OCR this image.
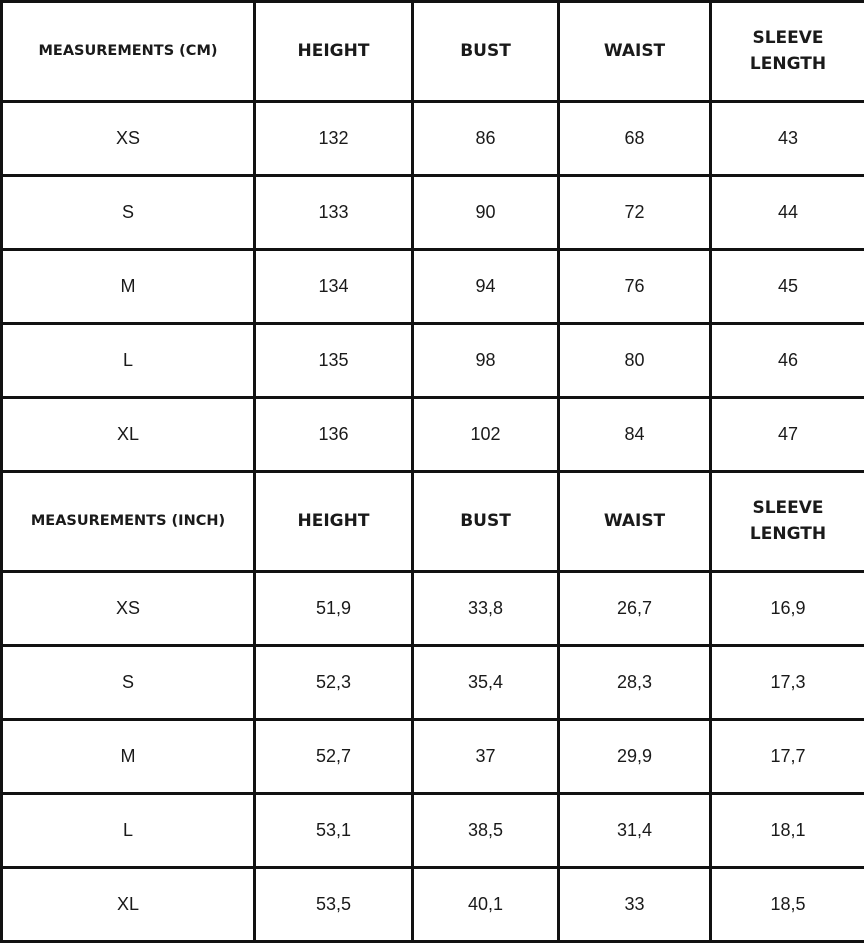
MEASUREMENTS (CM)	HEIGHT	BUST	WAIST	SLEEVE LENGTH
XS	132	86	68	43
S	133	90	72	44
M	134	94	76	45
L	135	98	80	46
XL	136	102	84	47
MEASUREMENTS (INCH)	HEIGHT	BUST	WAIST	SLEEVE LENGTH
XS	51,9	33,8	26,7	16,9
S	52,3	35,4	28,3	17,3
M	52,7	37	29,9	17,7
L	53,1	38,5	31,4	18,1
XL	53,5	40,1	33	18,5
